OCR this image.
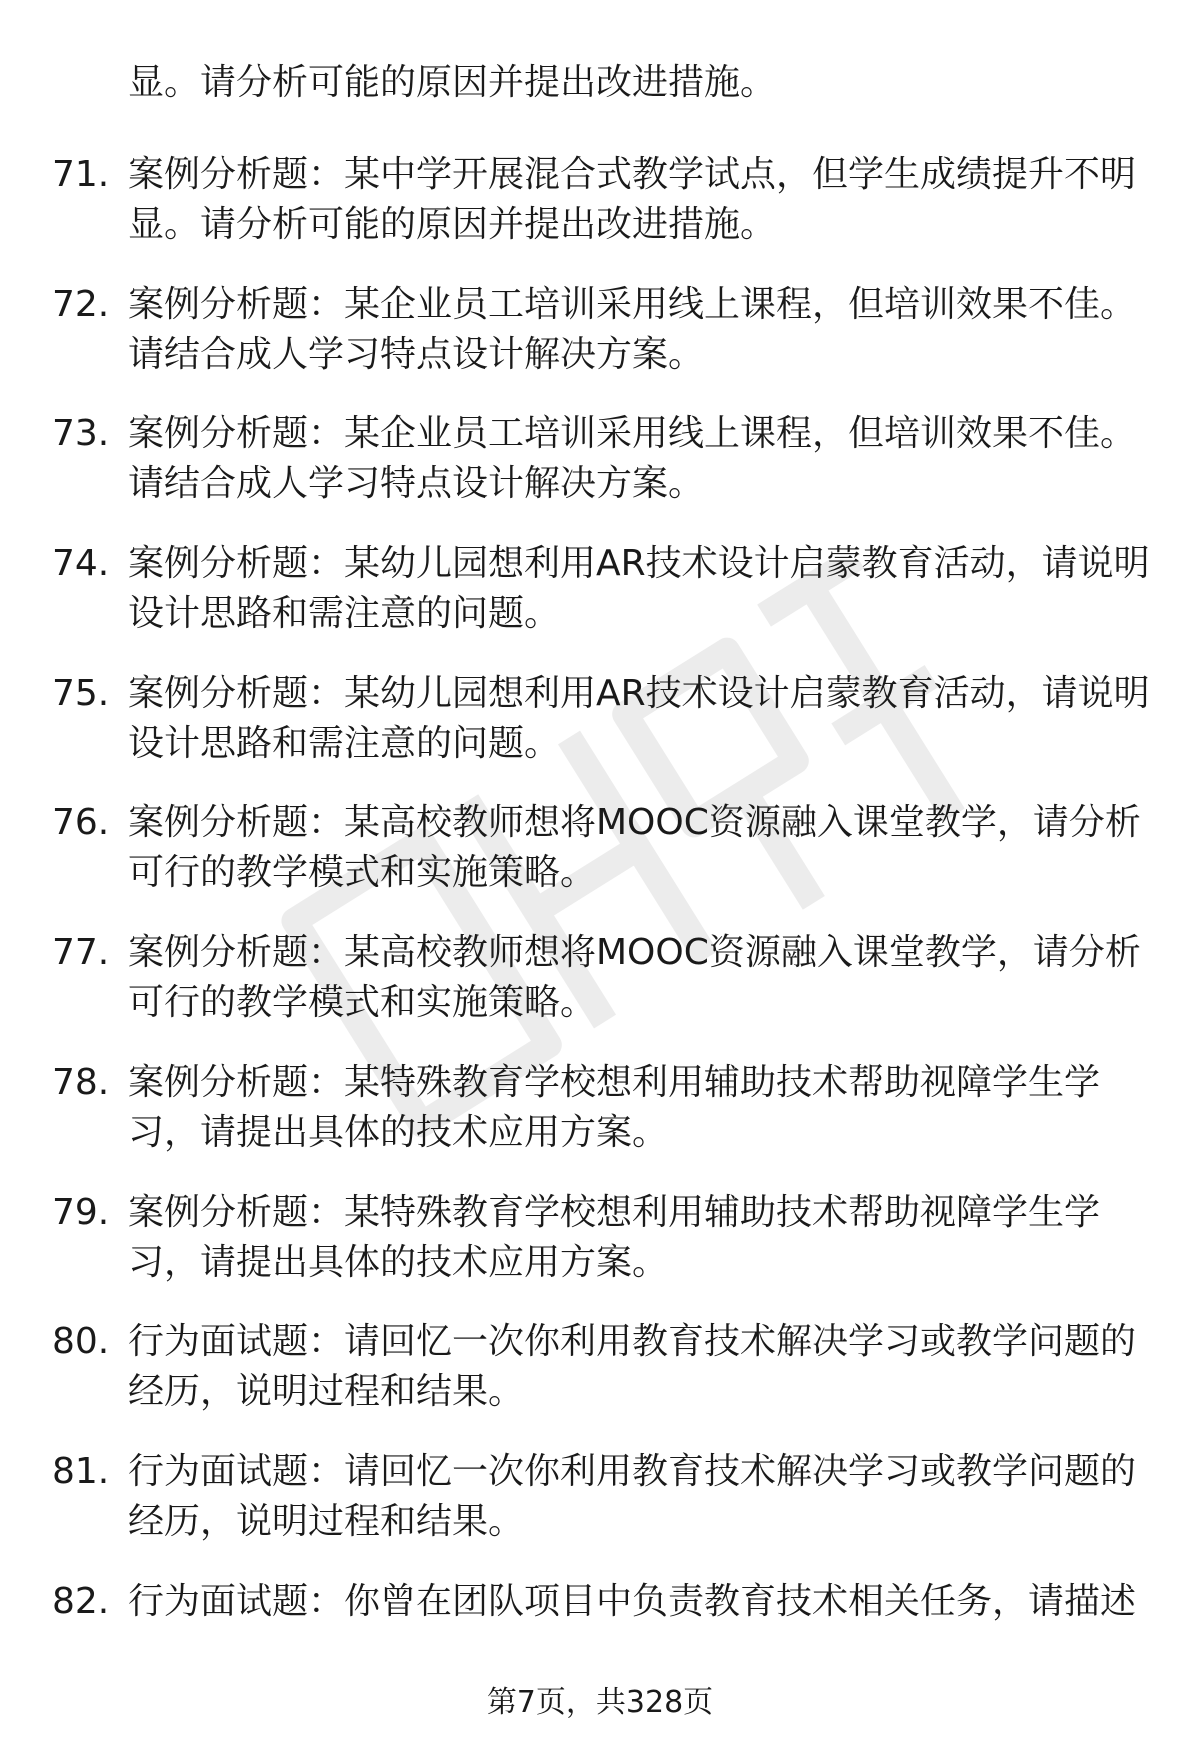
显。请分析可能的原因并提出改进措施。
71. 案例分析题：某中学开展混合式教学试点，但学生成绩提升不明
显。请分析可能的原因并提出改进措施。
72. 案例分析题：某企业员工培训采用线上课程，但培训效果不佳。
请结合成人学习特点设计解决方案。
73. 案例分析题：某企业员工培训采用线上课程，但培训效果不佳。
请结合成人学习特点设计解决方案。
74. 案例分析题：某幼儿园想利用AR技术设计启蒙教育活动，请说明
设计思路和需注意的问题。
75. 案例分析题：某幼儿园想利用AR技术设计启蒙教育活动，请说明
设计思路和需注意的问题。
76. 案例分析题：某高校教师想将MOOC资源融入课堂教学，请分析
可行的教学模式和实施策略。
77. 案例分析题：某高校教师想将MOOC资源融入课堂教学，请分析
可行的教学模式和实施策略。
78. 案例分析题：某特殊教育学校想利用辅助技术帮助视障学生学
习，请提出具体的技术应用方案。
79. 案例分析题：某特殊教育学校想利用辅助技术帮助视障学生学
习，请提出具体的技术应用方案。
80. 行为面试题：请回忆一次你利用教育技术解决学习或教学问题的
经历，说明过程和结果。
81. 行为面试题：请回忆一次你利用教育技术解决学习或教学问题的
经历，说明过程和结果。
82. 行为面试题：你曾在团队项目中负责教育技术相关任务，请描述
第7页，共328页
